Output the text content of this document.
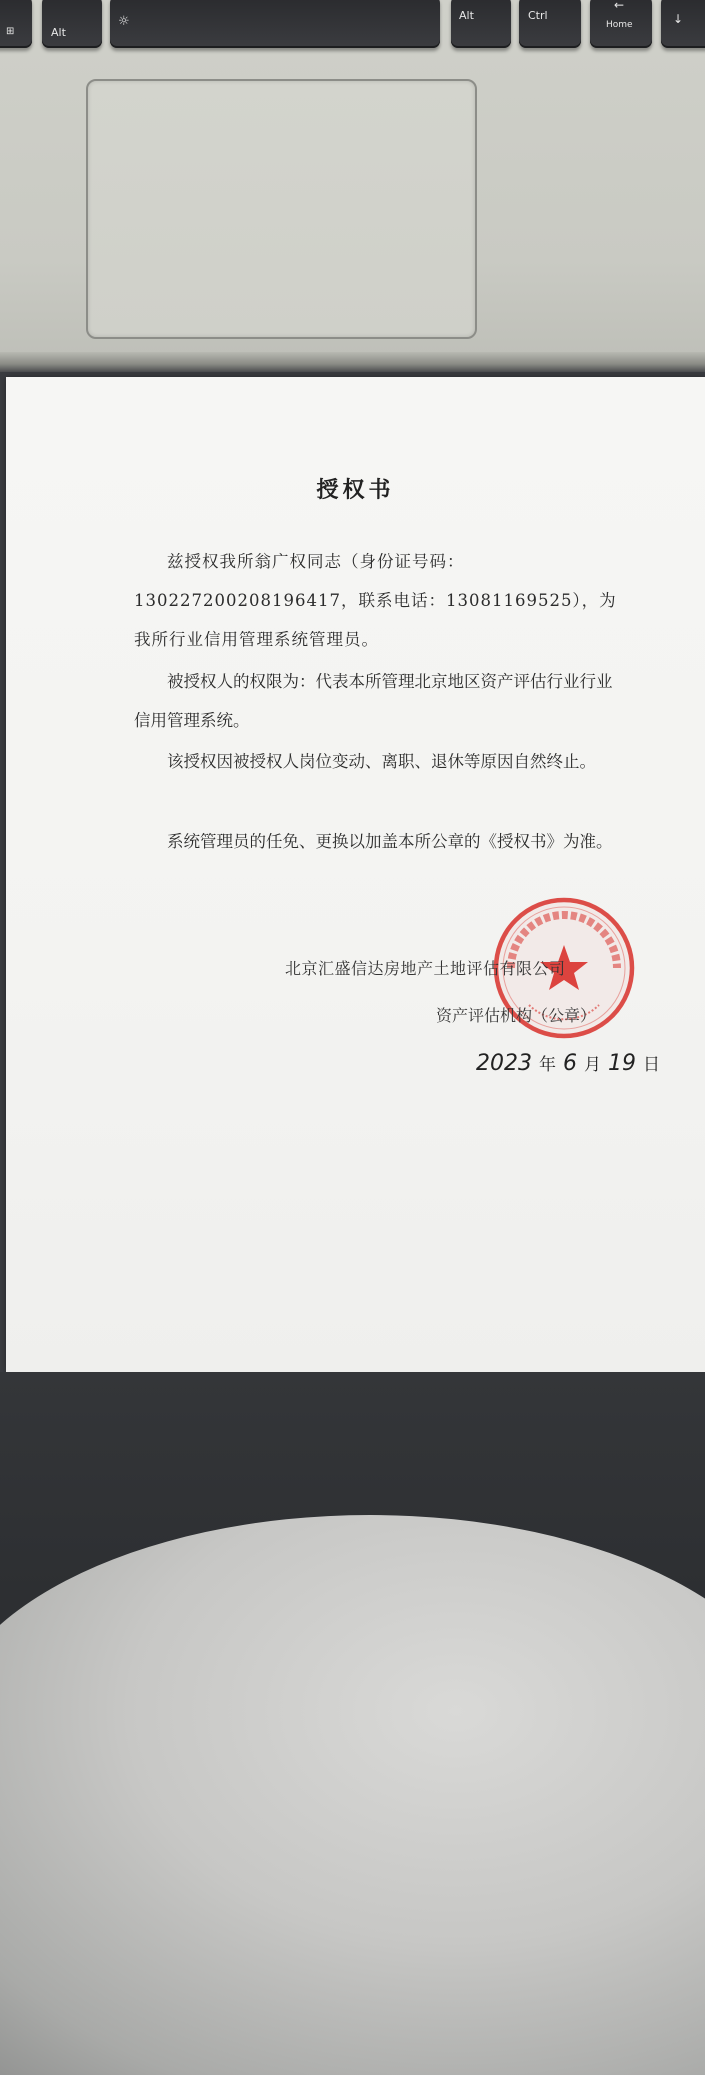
⊞	Alt
☼	Alt	Ctrl
←
Home	↓
授权书
兹授权我所翁广权同志（身份证号码：130227200208196417，联系电话：13081169525），为我所行业信用管理系统管理员。
被授权人的权限为：代表本所管理北京地区资产评估行业行业信用管理系统。
该授权因被授权人岗位变动、离职、退休等原因自然终止。
系统管理员的任免、更换以加盖本所公章的《授权书》为准。
北京汇盛信达房地产土地评估有限公司
资产评估机构（公章）
2023 年 6 月 19 日
